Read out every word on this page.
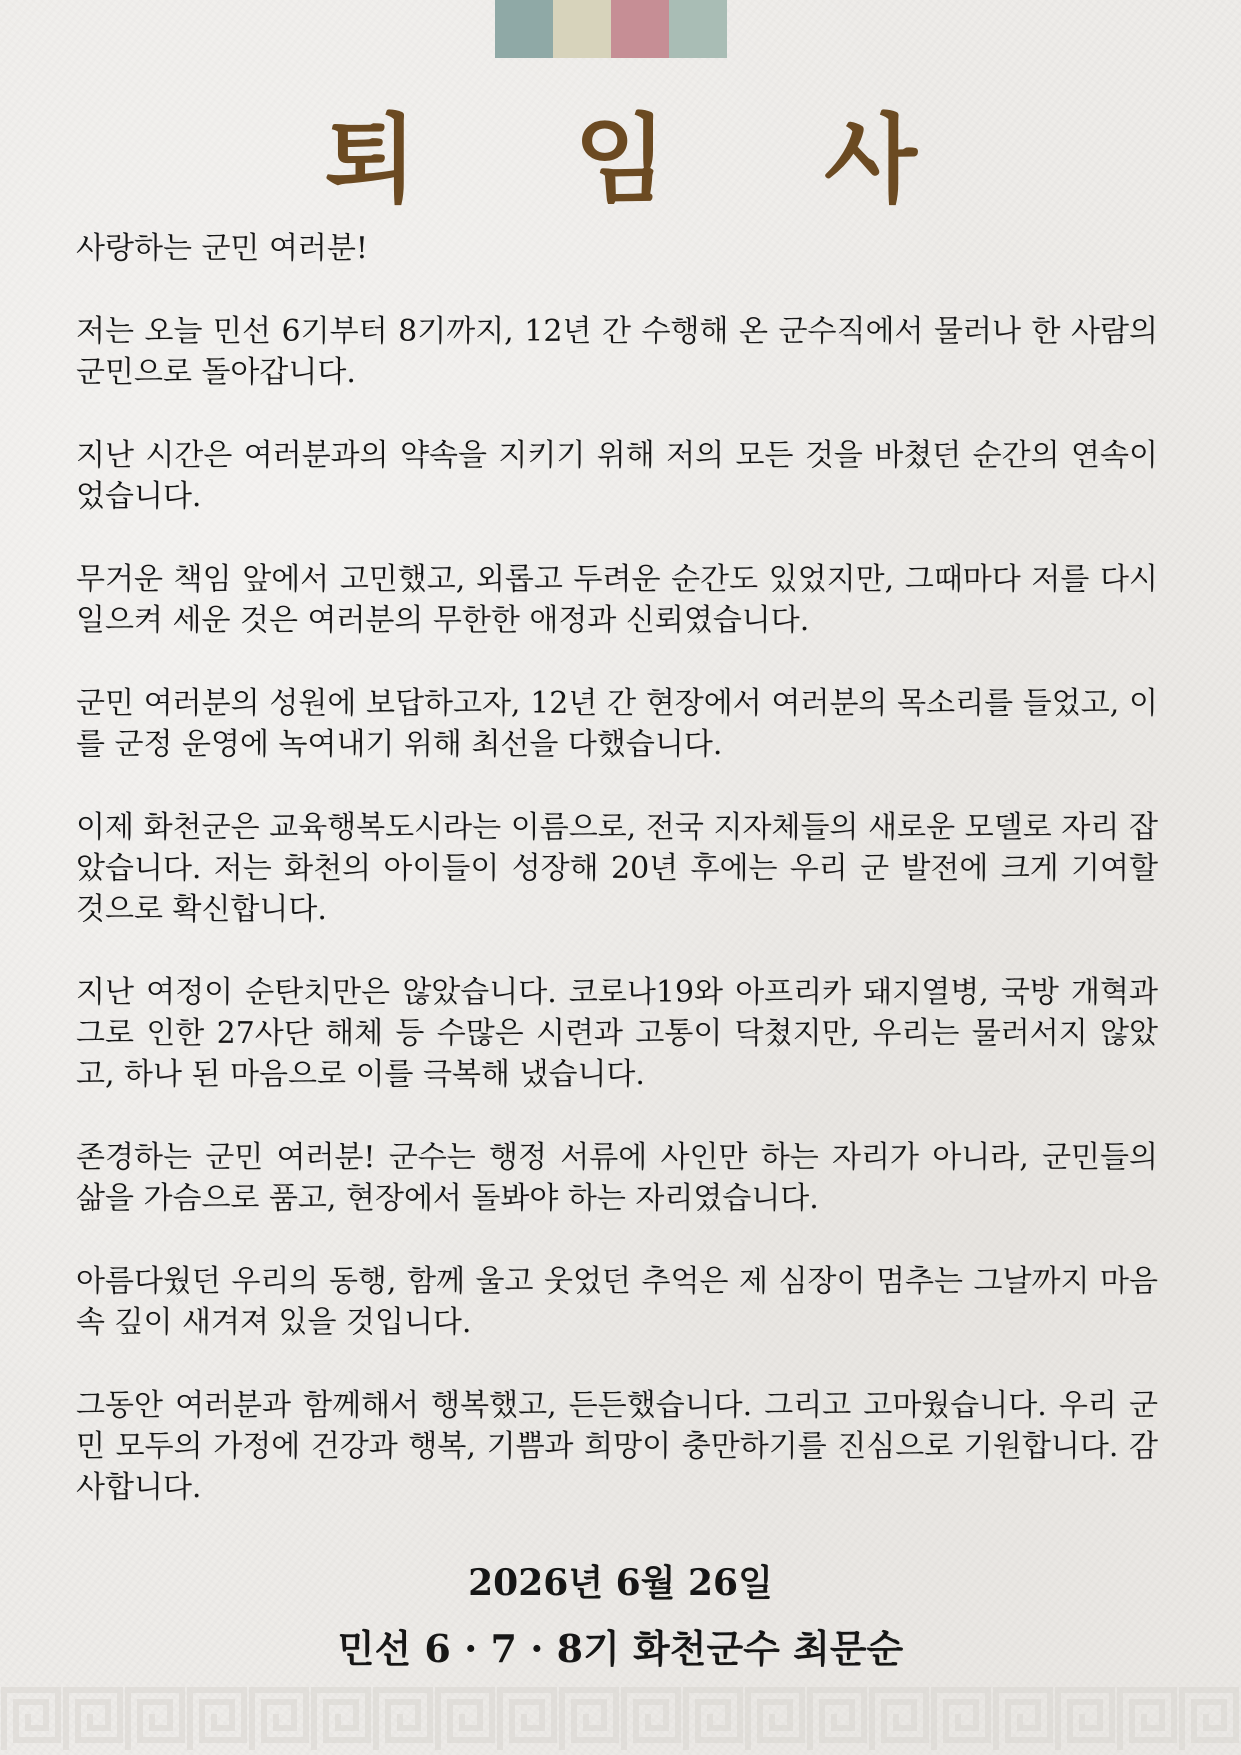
퇴 임 사

사랑하는 군민 여러분!

저는 오늘 민선 6기부터 8기까지, 12년 간 수행해 온 군수직에서 물러나 한 사람의 군민으로 돌아갑니다.

지난 시간은 여러분과의 약속을 지키기 위해 저의 모든 것을 바쳤던 순간의 연속이었습니다.

무거운 책임 앞에서 고민했고, 외롭고 두려운 순간도 있었지만, 그때마다 저를 다시 일으켜 세운 것은 여러분의 무한한 애정과 신뢰였습니다.

군민 여러분의 성원에 보답하고자, 12년 간 현장에서 여러분의 목소리를 들었고, 이를 군정 운영에 녹여내기 위해 최선을 다했습니다.

이제 화천군은 교육행복도시라는 이름으로, 전국 지자체들의 새로운 모델로 자리 잡았습니다. 저는 화천의 아이들이 성장해 20년 후에는 우리 군 발전에 크게 기여할 것으로 확신합니다.

지난 여정이 순탄치만은 않았습니다. 코로나19와 아프리카 돼지열병, 국방 개혁과 그로 인한 27사단 해체 등 수많은 시련과 고통이 닥쳤지만, 우리는 물러서지 않았고, 하나 된 마음으로 이를 극복해 냈습니다.

존경하는 군민 여러분! 군수는 행정 서류에 사인만 하는 자리가 아니라, 군민들의 삶을 가슴으로 품고, 현장에서 돌봐야 하는 자리였습니다.

아름다웠던 우리의 동행, 함께 울고 웃었던 추억은 제 심장이 멈추는 그날까지 마음 속 깊이 새겨져 있을 것입니다.

그동안 여러분과 함께해서 행복했고, 든든했습니다. 그리고 고마웠습니다. 우리 군민 모두의 가정에 건강과 행복, 기쁨과 희망이 충만하기를 진심으로 기원합니다. 감사합니다.

2026년 6월 26일
민선 6 · 7 · 8기 화천군수 최문순
